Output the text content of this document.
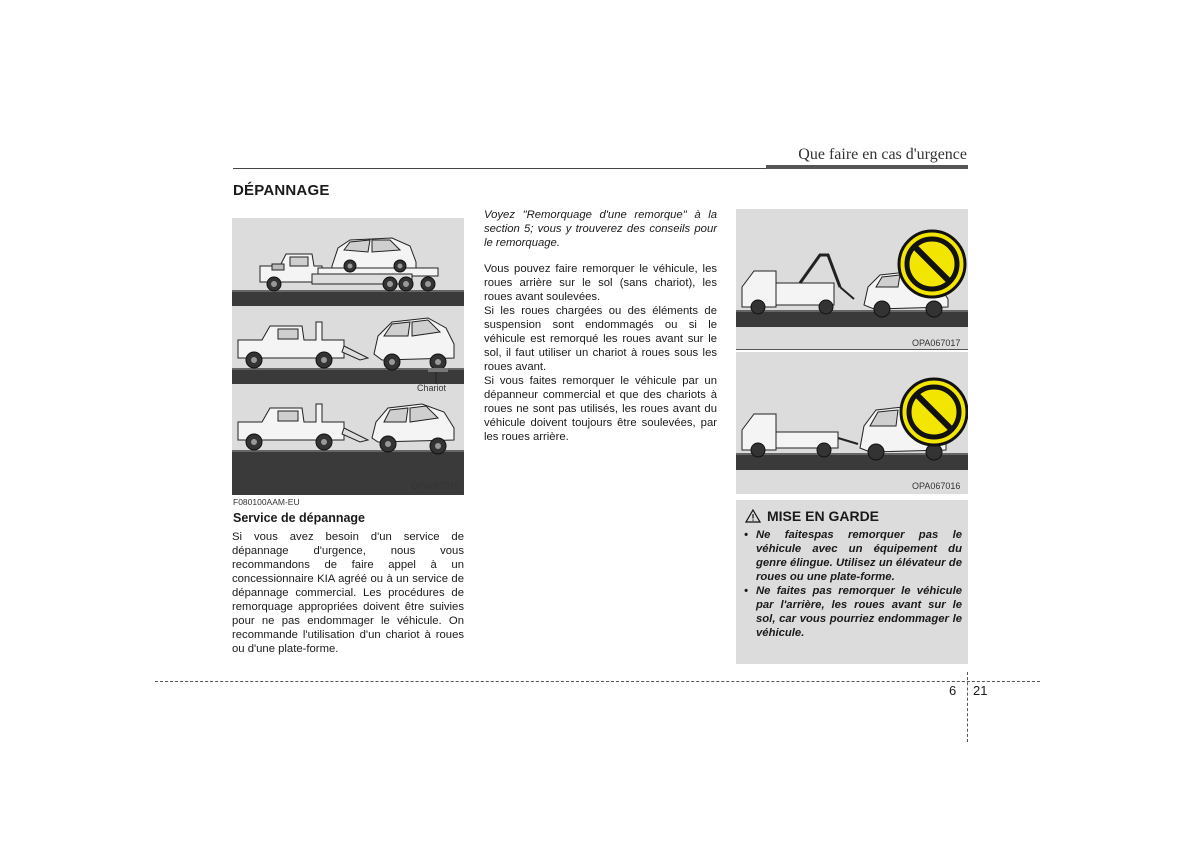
Que faire en cas d'urgence
DÉPANNAGE
Chariot
OPA067015

Voyez "Remorquage d'une remorque" à la section 5; vous y trouverez des conseils pour le remorquage.

Vous pouvez faire remorquer le véhicule, les roues arrière sur le sol (sans chariot), les roues avant soulevées.

Si les roues chargées ou des éléments de suspension sont endommagés ou si le véhicule est remorqué les roues avant sur le sol, il faut utiliser un chariot à roues sous les roues avant.

Si vous faites remorquer le véhicule par un dépanneur commercial et que des chariots à roues ne sont pas utilisés, les roues avant du véhicule doivent toujours être soulevées, par les roues arrière.

OPA067017
OPA067016
F080100AAM-EU
Service de dépannage
Si vous avez besoin d'un service de dépannage d'urgence, nous vous recommandons de faire appel à un concessionnaire KIA agréé ou à un service de dépannage commercial. Les procédures de remorquage appropriées doivent être suivies pour ne pas endommager le véhicule. On recommande l'utilisation d'un chariot à roues ou d'une plate-forme.
MISE EN GARDE
• Ne faitespas remorquer pas le véhicule avec un équipement du genre élingue. Utilisez un élévateur de roues ou une plate-forme.
• Ne faites pas remorquer le véhicule par l'arrière, les roues avant sur le sol, car vous pourriez endommager le véhicule.
6 21
